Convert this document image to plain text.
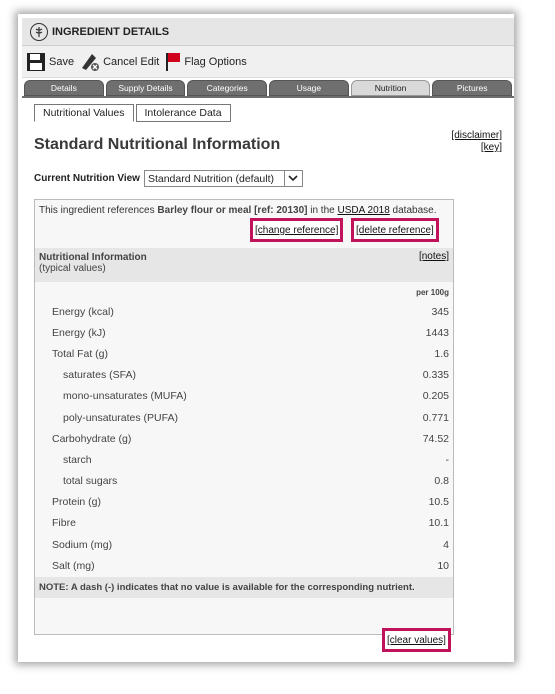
INGREDIENT DETAILS
Save	Cancel Edit Flag Options
Details	Supply Details	Categories	Usage	Nutrition	Pictures
Nutritional Values	Intolerance Data
Standard Nutritional Information
[disclaimer]
[key]
Current Nutrition View Standard Nutrition (default)
This ingredient references Barley flour or meal [ref: 20130] in the USDA 2018 database.
[change reference]	[delete reference]
Nutritional Information
(typical values)
[notes]
per 100g
Energy (kcal)	345
Energy (kJ)	1443
Total Fat (g)	1.6
saturates (SFA)	0.335
mono-unsaturates (MUFA)	0.205
poly-unsaturates (PUFA)	0.771
Carbohydrate (g)	74.52
starch	-
total sugars	0.8
Protein (g)	10.5
Fibre	10.1
Sodium (mg)	4
Salt (mg)	10
NOTE: A dash (-) indicates that no value is available for the corresponding nutrient.
[clear values]
